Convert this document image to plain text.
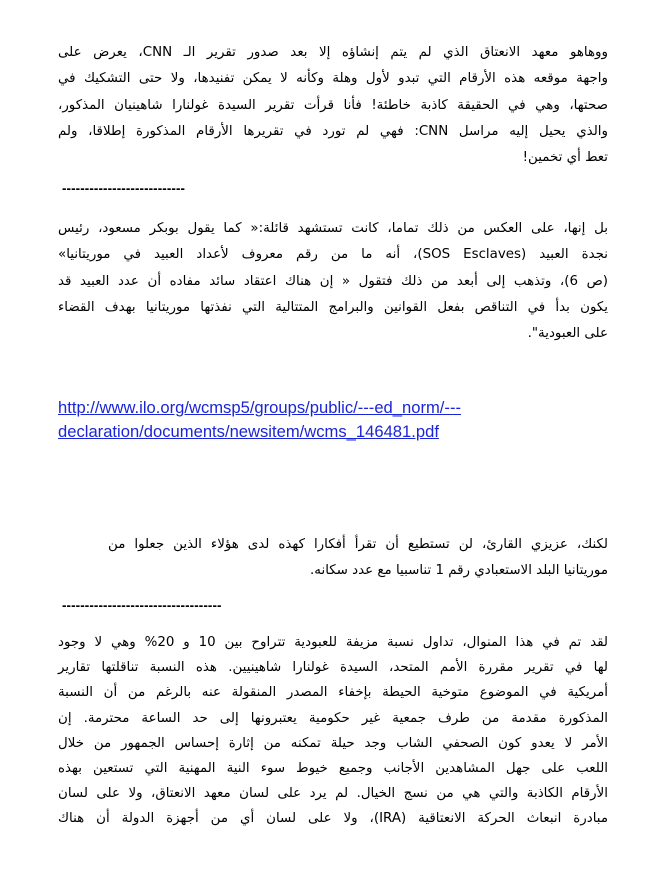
ووهاهو معهد الانعتاق الذي لم يتم إنشاؤه إلا بعد صدور تقرير الـ CNN، يعرض على
واجهة موقعه هذه الأرقام التي تبدو لأول وهلة وكأنه لا يمكن تفنيدها، ولا حتى التشكيك في
صحتها، وهي في الحقيقة كاذبة خاطئة! فأنا قرأت تقرير السيدة غولنارا شاهينيان المذكور،
والذي يحيل إليه مراسل CNN: فهي لم تورد في تقريرها الأرقام المذكورة إطلاقا، ولم
تعط أي تخمين!

---------------------------

بل إنها، على العكس من ذلك تماما، كانت تستشهد قائلة:« كما يقول بوبكر مسعود، رئيس
نجدة العبيد (SOS Esclaves)، أنه ما من رقم معروف لأعداد العبيد في موريتانيا»
(ص 6)، وتذهب إلى أبعد من ذلك فتقول « إن هناك اعتقاد سائد مفاده أن عدد العبيد قد
يكون بدأ في التناقص بفعل القوانين والبرامج المتتالية التي نفذتها موريتانيا بهدف القضاء
على العبودية".

http://www.ilo.org/wcmsp5/groups/public/---ed_norm/---
declaration/documents/newsitem/wcms_146481.pdf

لكنك، عزيزي القارئ، لن تستطيع أن تقرأ أفكارا كهذه لدى هؤلاء الذين جعلوا من
موريتانيا البلد الاستعبادي رقم 1 تناسبيا مع عدد سكانه.

-----------------------------------

لقد تم في هذا المنوال، تداول نسبة مزيفة للعبودية تتراوح بين 10 و 20% وهي لا وجود
لها في تقرير مقررة الأمم المتحد، السيدة غولنارا شاهينيين. هذه النسبة تناقلتها تقارير
أمريكية في الموضوع متوخية الحيطة بإخفاء المصدر المنقولة عنه بالرغم من أن النسبة
المذكورة مقدمة من طرف جمعية غير حكومية يعتبرونها إلى حد الساعة محترمة. إن
الأمر لا يعدو كون الصحفي الشاب وجد حيلة تمكنه من إثارة إحساس الجمهور من خلال
اللعب على جهل المشاهدين الأجانب وجميع خيوط سوء النية المهنية التي تستعين بهذه
الأرقام الكاذبة والتي هي من نسج الخيال. لم يرد على لسان معهد الانعتاق، ولا على لسان
مبادرة انبعاث الحركة الانعتاقية (IRA)، ولا على لسان أي من أجهزة الدولة أن هناك
